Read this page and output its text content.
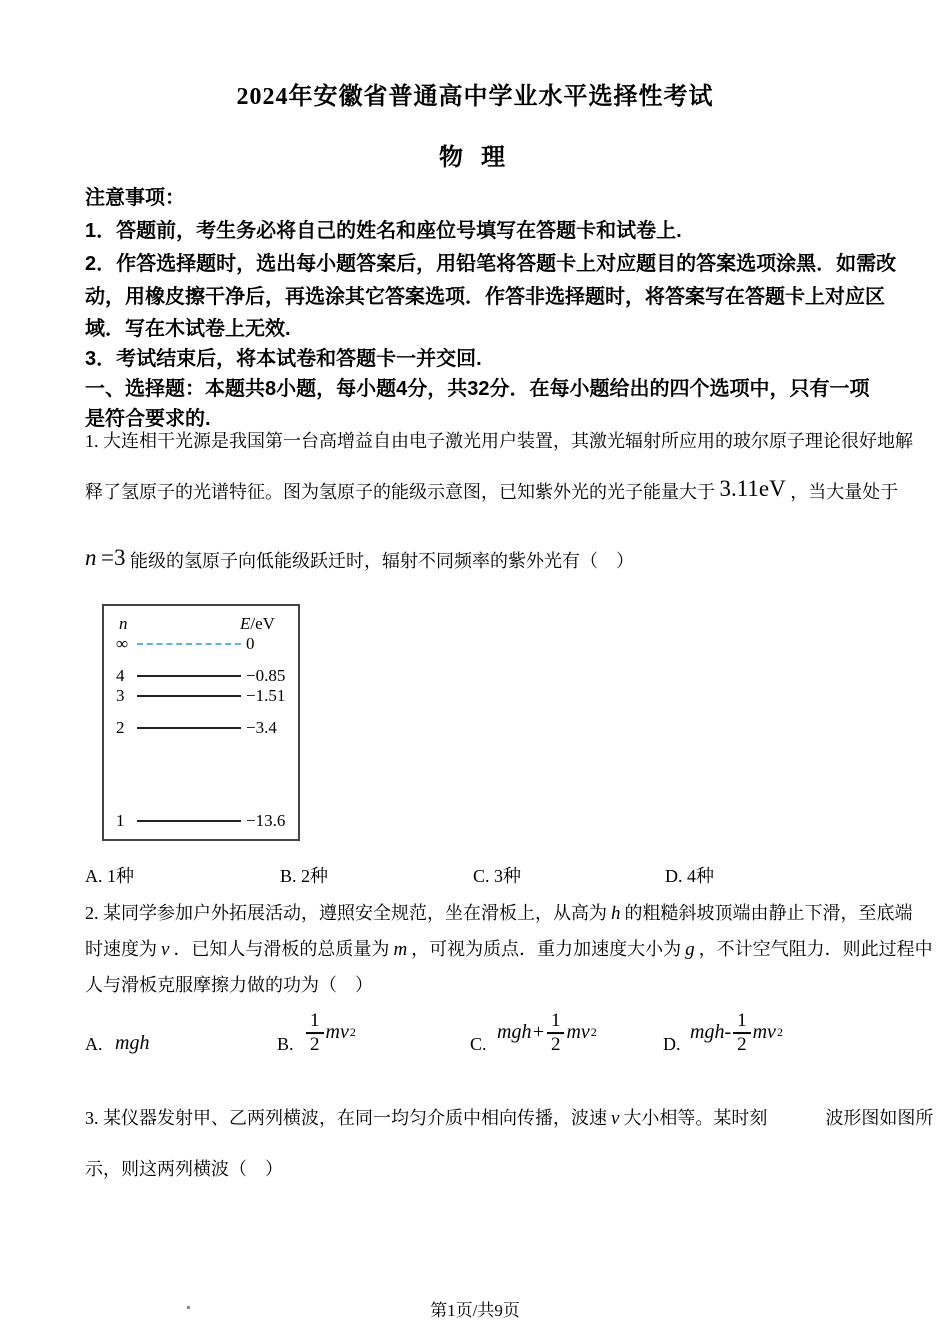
2024年安徽省普通高中学业水平选择性考试
物 理
注意事项：
1．答题前，考生务必将自己的姓名和座位号填写在答题卡和试卷上.
2．作答选择题时，选出每小题答案后，用铅笔将答题卡上对应题目的答案选项涂黑．如需改
动，用橡皮擦干净后，再选涂其它答案选项．作答非选择题时，将答案写在答题卡上对应区
域．写在木试卷上无效.
3．考试结束后，将本试卷和答题卡一并交回.
一、选择题：本题共8小题，每小题4分，共32分．在每小题给出的四个选项中，只有一项
是符合要求的.
1. 大连相干光源是我国第一台高增益自由电子激光用户装置，其激光辐射所应用的玻尔原子理论很好地解
释了氢原子的光谱特征。图为氢原子的能级示意图，已知紫外光的光子能量大于 3.11eV ，当大量处于
n =3 能级的氢原子向低能级跃迁时，辐射不同频率的紫外光有（　）
n	E/eV
∞	0
4	−0.85
3	−1.51
2	−3.4
1	−13.6
A. 1种	B. 2种	C. 3种	D. 4种
2. 某同学参加户外拓展活动，遵照安全规范，坐在滑板上，从高为 h 的粗糙斜坡顶端由静止下滑，至底端
时速度为 v ．已知人与滑板的总质量为 m ，可视为质点．重力加速度大小为 g ，不计空气阻力．则此过程中
人与滑板克服摩擦力做的功为（　）
A. mgh	B. $\frac{1}{2}$ mv 2
C.
$mgh+ \frac{1}{2}$ mv 2
D.
$mgh- \frac{1}{2}$ mv 2
3. 某仪器发射甲、乙两列横波，在同一均匀介质中相向传播，波速 v 大小相等。某时刻	波形图如图所
示，则这两列横波（　）
第1页/共9页
